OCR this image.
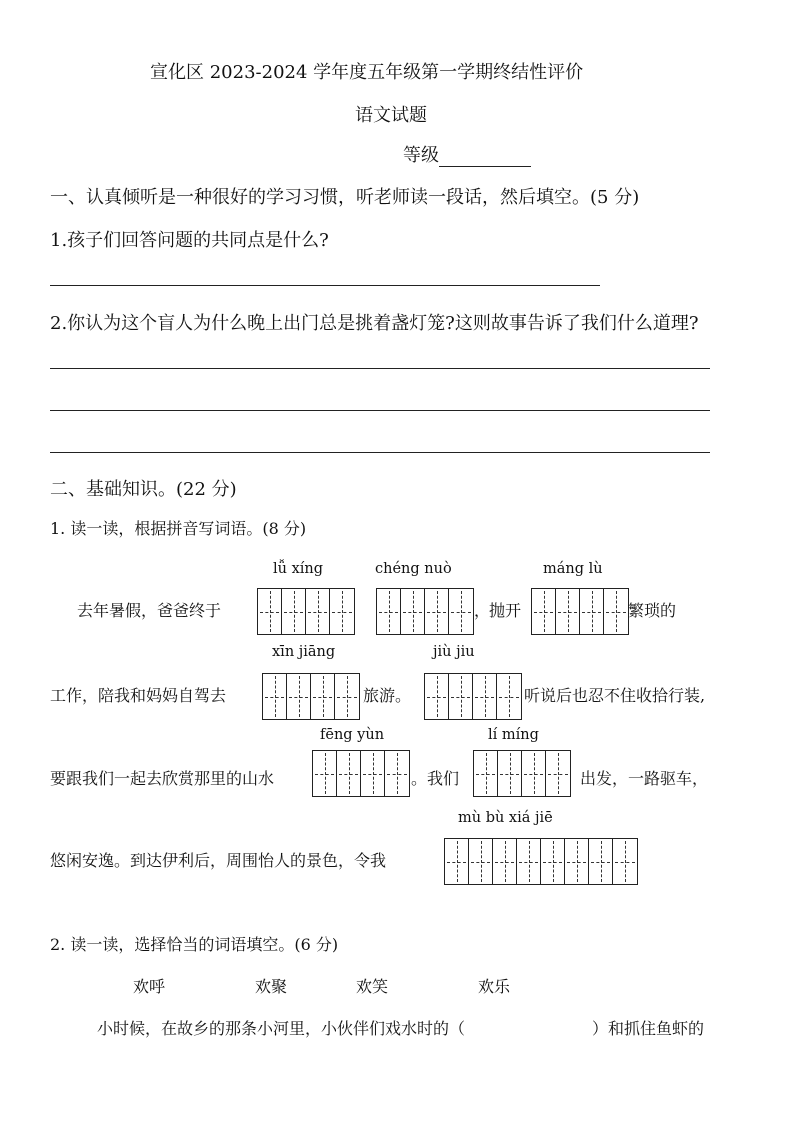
宣化区 2023-2024 学年度五年级第一学期终结性评价
语文试题
等级
一、认真倾听是一种很好的学习习惯，听老师读一段话，然后填空。(5 分)
1.孩子们回答问题的共同点是什么?
2.你认为这个盲人为什么晚上出门总是挑着盏灯笼?这则故事告诉了我们什么道理?
二、基础知识。(22 分)
1. 读一读，根据拼音写词语。(8 分)
lǚ xíng	chéng nuò	máng lù
xīn jiāng	jiù jiu
fēng yùn	lí míng
mù bù xiá jiē
去年暑假，爸爸终于	，
抛开	繁琐的
工作，陪我和妈妈自驾去	旅游。	听说后也忍不住收拾行装,
要跟我们一起去欣赏那里的山水	。我们	出发，一路驱车，
悠闲安逸。到达伊利后，周围怡人的景色，令我
2. 读一读，选择恰当的词语填空。(6 分)
欢呼	欢聚	欢笑	欢乐
小时候，在故乡的那条小河里，小伙伴们戏水时的（	）和抓住鱼虾的
